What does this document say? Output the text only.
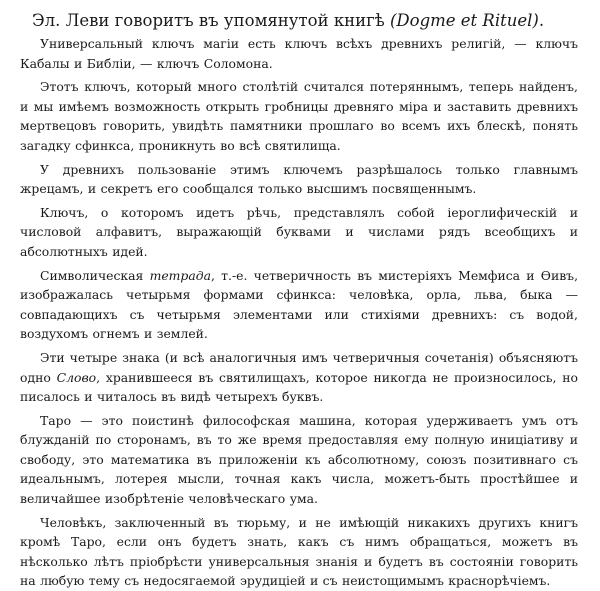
Эл. Леви говоритъ въ упомянутой книгѣ (Dogme et Rituel).

Универсальный ключъ магіи есть ключъ всѣхъ древнихъ религій, — ключъ Кабалы и Библіи, — ключъ Соломона.

Этотъ ключъ, который много столѣтій считался потеряннымъ, теперь найденъ, и мы имѣемъ возможность открыть гробницы древняго міра и заставить древнихъ мертвецовъ говорить, увидѣть памятники прошлаго во всемъ ихъ блескѣ, понять загадку сфинкса, проникнуть во всѣ святилища.

У древнихъ пользованіе этимъ ключемъ разрѣшалось только главнымъ жрецамъ, и секретъ его сообщался только высшимъ посвященнымъ.

Ключъ, о которомъ идетъ рѣчь, представлялъ собой іероглифическій и числовой алфавитъ, выражающій буквами и числами рядъ всеобщихъ и абсолютныхъ идей.

Символическая тетрада, т.-е. четверичность въ мистеріяхъ Мемфиса и Ѳивъ, изображалась четырьмя формами сфинкса: человѣка, орла, льва, быка — совпадающихъ съ четырьмя элементами или стихіями древнихъ: съ водой, воздухомъ огнемъ и землей.

Эти четыре знака (и всѣ аналогичныя имъ четверичныя сочетанія) объясняютъ одно Слово, хранившееся въ святилищахъ, которое никогда не произносилось, но писалось и читалось въ видѣ четырехъ буквъ.

Таро — это поистинѣ философская машина, которая удерживаетъ умъ отъ блужданій по сторонамъ, въ то же время предоставляя ему полную иниціативу и свободу, это математика въ приложеніи къ абсолютному, союзъ позитивнаго съ идеальнымъ, лотерея мысли, точная какъ числа, можетъ-быть простѣйшее и величайшее изобрѣтеніе человѣческаго ума.

Человѣкъ, заключенный въ тюрьму, и не имѣющій никакихъ другихъ книгъ кромѣ Таро, если онъ будетъ знать, какъ съ нимъ обращаться, можетъ въ нѣсколько лѣтъ пріобрѣсти универсальныя знанія и будетъ въ состояніи говорить на любую тему съ недосягаемой эрудиціей и съ неистощимымъ краснорѣчіемъ.
